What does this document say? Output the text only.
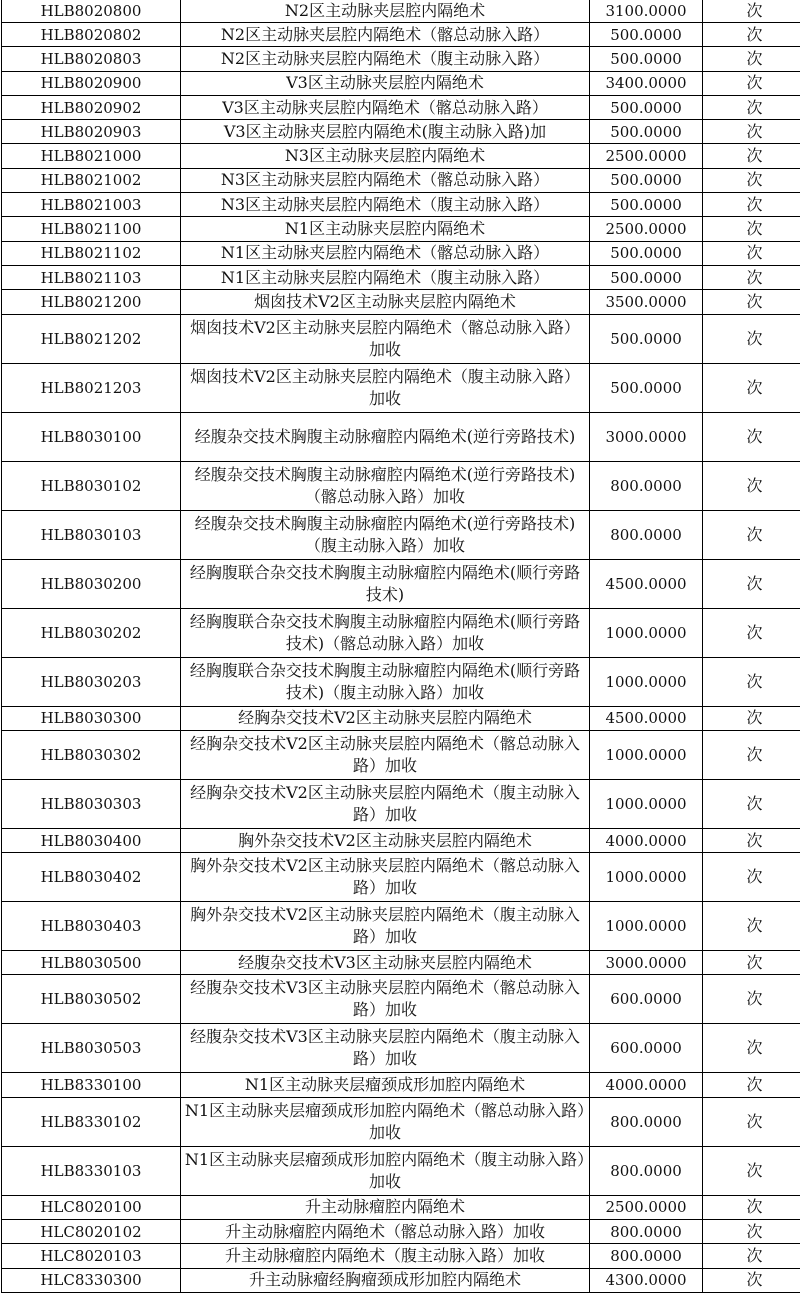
HLB8020800	N2区主动脉夹层腔内隔绝术	3100.0000	次
HLB8020802	N2区主动脉夹层腔内隔绝术（髂总动脉入路）	500.0000	次
HLB8020803	N2区主动脉夹层腔内隔绝术（腹主动脉入路）	500.0000	次
HLB8020900	V3区主动脉夹层腔内隔绝术	3400.0000	次
HLB8020902	V3区主动脉夹层腔内隔绝术（髂总动脉入路）	500.0000	次
HLB8020903	V3区主动脉夹层腔内隔绝术(腹主动脉入路)加	500.0000	次
HLB8021000	N3区主动脉夹层腔内隔绝术	2500.0000	次
HLB8021002	N3区主动脉夹层腔内隔绝术（髂总动脉入路）	500.0000	次
HLB8021003	N3区主动脉夹层腔内隔绝术（腹主动脉入路）	500.0000	次
HLB8021100	N1区主动脉夹层腔内隔绝术	2500.0000	次
HLB8021102	N1区主动脉夹层腔内隔绝术（髂总动脉入路）	500.0000	次
HLB8021103	N1区主动脉夹层腔内隔绝术（腹主动脉入路）	500.0000	次
HLB8021200	烟囱技术V2区主动脉夹层腔内隔绝术	3500.0000	次
HLB8021202	烟囱技术V2区主动脉夹层腔内隔绝术（髂总动脉入路）加收	500.0000	次
HLB8021203	烟囱技术V2区主动脉夹层腔内隔绝术（腹主动脉入路）加收	500.0000	次
HLB8030100	经腹杂交技术胸腹主动脉瘤腔内隔绝术(逆行旁路技术)	3000.0000	次
HLB8030102	经腹杂交技术胸腹主动脉瘤腔内隔绝术(逆行旁路技术)（髂总动脉入路）加收	800.0000	次
HLB8030103	经腹杂交技术胸腹主动脉瘤腔内隔绝术(逆行旁路技术)（腹主动脉入路）加收	800.0000	次
HLB8030200	经胸腹联合杂交技术胸腹主动脉瘤腔内隔绝术(顺行旁路技术)	4500.0000	次
HLB8030202	经胸腹联合杂交技术胸腹主动脉瘤腔内隔绝术(顺行旁路技术)（髂总动脉入路）加收	1000.0000	次
HLB8030203	经胸腹联合杂交技术胸腹主动脉瘤腔内隔绝术(顺行旁路技术)（腹主动脉入路）加收	1000.0000	次
HLB8030300	经胸杂交技术V2区主动脉夹层腔内隔绝术	4500.0000	次
HLB8030302	经胸杂交技术V2区主动脉夹层腔内隔绝术（髂总动脉入路）加收	1000.0000	次
HLB8030303	经胸杂交技术V2区主动脉夹层腔内隔绝术（腹主动脉入路）加收	1000.0000	次
HLB8030400	胸外杂交技术V2区主动脉夹层腔内隔绝术	4000.0000	次
HLB8030402	胸外杂交技术V2区主动脉夹层腔内隔绝术（髂总动脉入路）加收	1000.0000	次
HLB8030403	胸外杂交技术V2区主动脉夹层腔内隔绝术（腹主动脉入路）加收	1000.0000	次
HLB8030500	经腹杂交技术V3区主动脉夹层腔内隔绝术	3000.0000	次
HLB8030502	经腹杂交技术V3区主动脉夹层腔内隔绝术（髂总动脉入路）加收	600.0000	次
HLB8030503	经腹杂交技术V3区主动脉夹层腔内隔绝术（腹主动脉入路）加收	600.0000	次
HLB8330100	N1区主动脉夹层瘤颈成形加腔内隔绝术	4000.0000	次
HLB8330102	N1区主动脉夹层瘤颈成形加腔内隔绝术（髂总动脉入路）加收	800.0000	次
HLB8330103	N1区主动脉夹层瘤颈成形加腔内隔绝术（腹主动脉入路）加收	800.0000	次
HLC8020100	升主动脉瘤腔内隔绝术	2500.0000	次
HLC8020102	升主动脉瘤腔内隔绝术（髂总动脉入路）加收	800.0000	次
HLC8020103	升主动脉瘤腔内隔绝术（腹主动脉入路）加收	800.0000	次
HLC8330300	升主动脉瘤经胸瘤颈成形加腔内隔绝术	4300.0000	次
